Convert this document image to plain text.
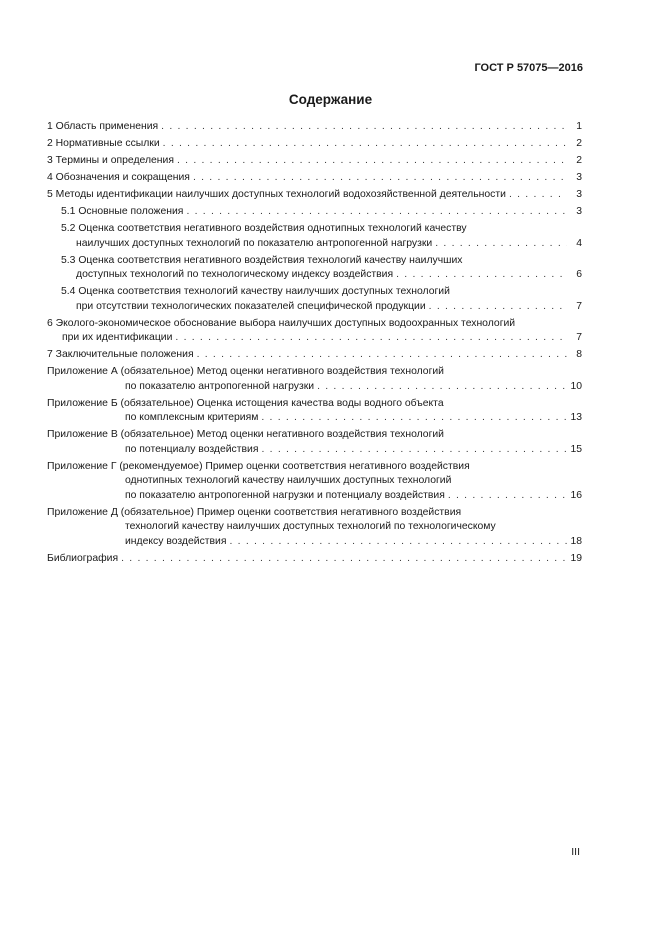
ГОСТ Р 57075—2016
Содержание
1 Область применения . . .	1
2 Нормативные ссылки . . .	2
3 Термины и определения . . .	2
4 Обозначения и сокращения . . .	3
5 Методы идентификации наилучших доступных технологий водохозяйственной деятельности . . .	3
5.1 Основные положения . . .	3
5.2 Оценка соответствия негативного воздействия однотипных технологий качеству
наилучших доступных технологий по показателю антропогенной нагрузки . . .	4
5.3 Оценка соответствия негативного воздействия технологий качеству наилучших
доступных технологий по технологическому индексу воздействия . . .	6
5.4 Оценка соответствия технологий качеству наилучших доступных технологий
при отсутствии технологических показателей специфической продукции . . .	7
6 Эколого-экономическое обоснование выбора наилучших доступных водоохранных технологий
при их идентификации . . .	7
7 Заключительные положения . . .	8
Приложение А (обязательное) Метод оценки негативного воздействия технологий
по показателю антропогенной нагрузки . . .	10
Приложение Б (обязательное) Оценка истощения качества воды водного объекта
по комплексным критериям . . .	13
Приложение В (обязательное) Метод оценки негативного воздействия технологий
по потенциалу воздействия . . .	15
Приложение Г (рекомендуемое) Пример оценки соответствия негативного воздействия
однотипных технологий качеству наилучших доступных технологий
по показателю антропогенной нагрузки и потенциалу воздействия . . .	16
Приложение Д (обязательное) Пример оценки соответствия негативного воздействия
технологий качеству наилучших доступных технологий по технологическому
индексу воздействия . . .	18
Библиография . . .	19
III
